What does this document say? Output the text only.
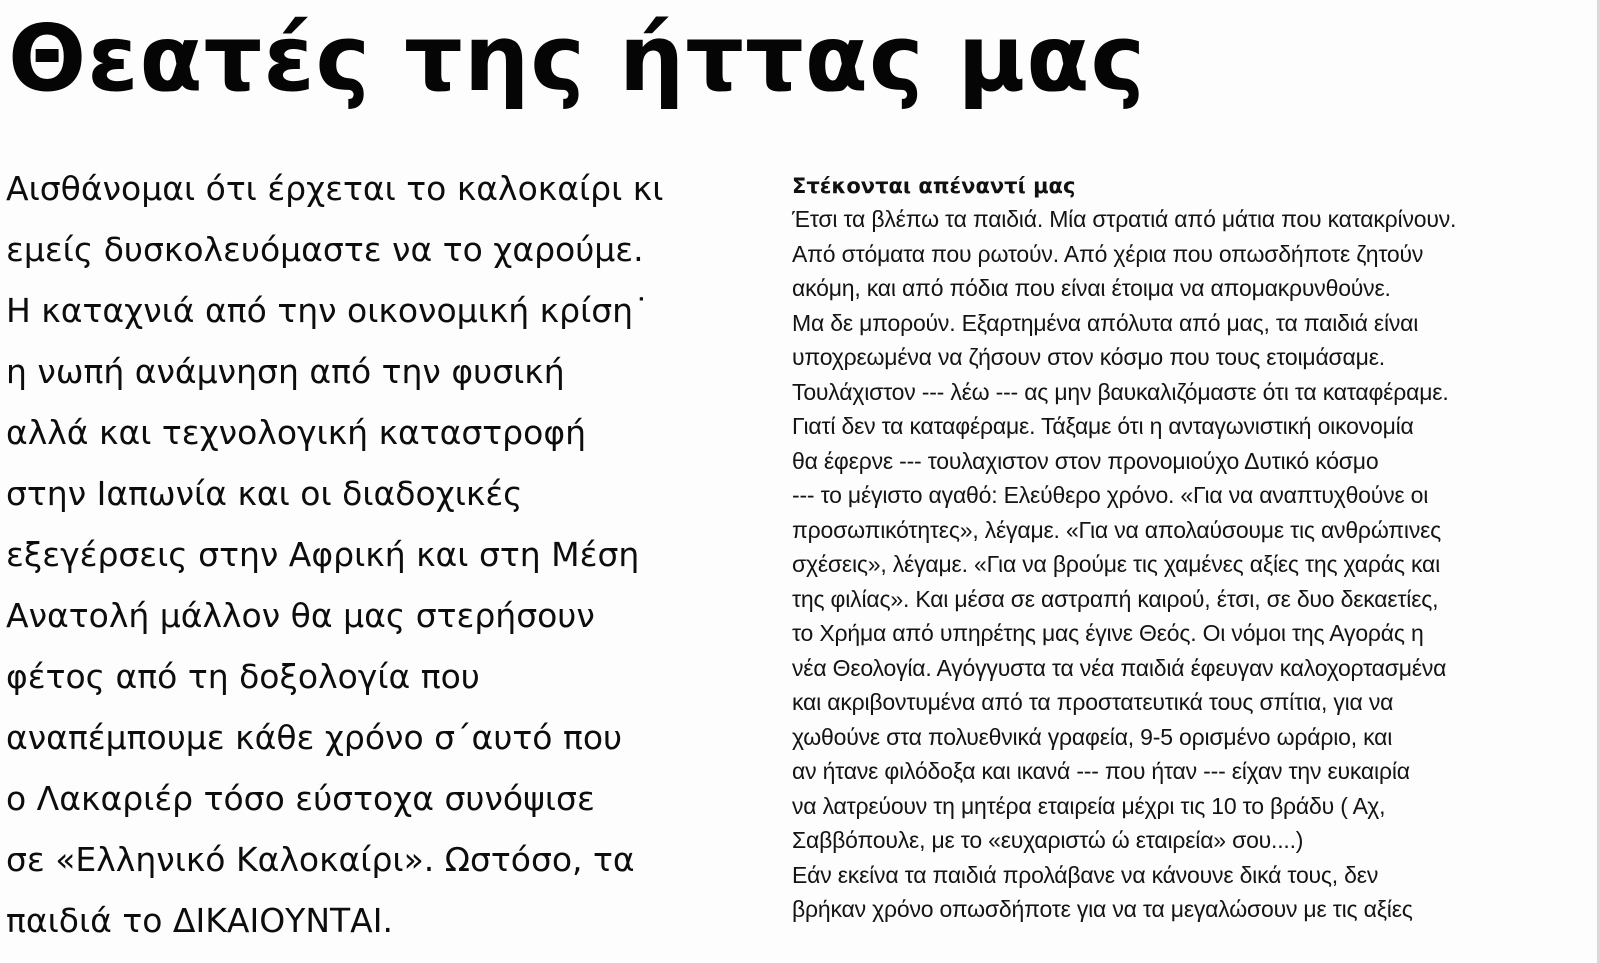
Θεατές της ήττας μας
Αισθάνομαι ότι έρχεται το καλοκαίρι κι
εμείς δυσκολευόμαστε να το χαρούμε.
Η καταχνιά από την οικονομική κρίση˙
η νωπή ανάμνηση από την φυσική
αλλά και τεχνολογική καταστροφή
στην Ιαπωνία και οι διαδοχικές
εξεγέρσεις στην Αφρική και στη Μέση
Ανατολή μάλλον θα μας στερήσουν
φέτος από τη δοξολογία που
αναπέμπουμε κάθε χρόνο σ΄αυτό που
ο Λακαριέρ τόσο εύστοχα συνόψισε
σε «Ελληνικό Καλοκαίρι». Ωστόσο, τα
παιδιά το ΔΙΚΑΙΟΥΝΤΑΙ.
Στέκονται απέναντί μας
Έτσι τα βλέπω τα παιδιά. Μία στρατιά από μάτια που κατακρίνουν.
Από στόματα που ρωτούν. Από χέρια που οπωσδήποτε ζητούν
ακόμη, και από πόδια που είναι έτοιμα να απομακρυνθούνε.
Μα δε μπορούν. Εξαρτημένα απόλυτα από μας, τα παιδιά είναι
υποχρεωμένα να ζήσουν στον κόσμο που τους ετοιμάσαμε.
Τουλάχιστον --- λέω --- ας μην βαυκαλιζόμαστε ότι τα καταφέραμε.
Γιατί δεν τα καταφέραμε. Τάξαμε ότι η ανταγωνιστική οικονομία
θα έφερνε --- τουλαχιστον στον προνομιούχο Δυτικό κόσμο
--- το μέγιστο αγαθό: Ελεύθερο χρόνο. «Για να αναπτυχθούνε οι
προσωπικότητες», λέγαμε. «Για να απολαύσουμε τις ανθρώπινες
σχέσεις», λέγαμε. «Για να βρούμε τις χαμένες αξίες της χαράς και
της φιλίας». Και μέσα σε αστραπή καιρού, έτσι, σε δυο δεκαετίες,
το Χρήμα από υπηρέτης μας έγινε Θεός. Οι νόμοι της Αγοράς η
νέα Θεολογία. Αγόγγυστα τα νέα παιδιά έφευγαν καλοχορτασμένα
και ακριβοντυμένα από τα προστατευτικά τους σπίτια, για να
χωθούνε στα πολυεθνικά γραφεία, 9-5 ορισμένο ωράριο, και
αν ήτανε φιλόδοξα και ικανά --- που ήταν --- είχαν την ευκαιρία
να λατρεύουν τη μητέρα εταιρεία μέχρι τις 10 το βράδυ ( Αχ,
Σαββόπουλε, με το «ευχαριστώ ώ εταιρεία» σου....)
Εάν εκείνα τα παιδιά προλάβανε να κάνουνε δικά τους, δεν
βρήκαν χρόνο οπωσδήποτε για να τα μεγαλώσουν με τις αξίες
